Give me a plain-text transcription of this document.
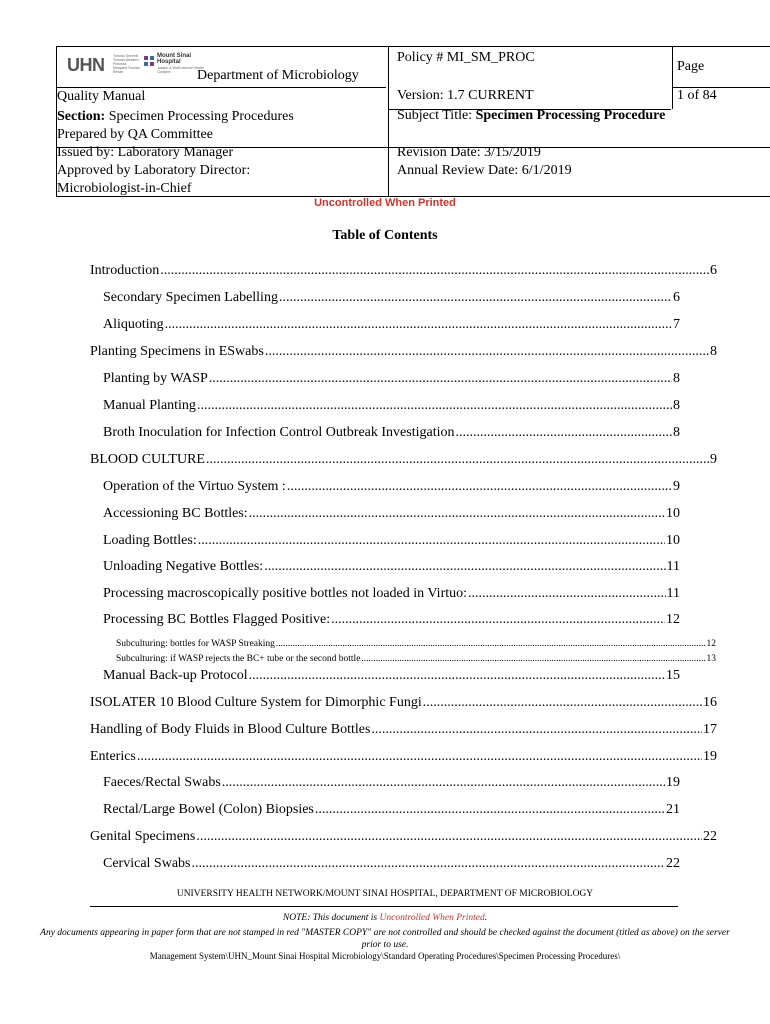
UHN Toronto General Toronto Western Princess Margaret Toronto Rehab
Mount Sinai Hospital
Joseph & Wolf Lebovic Health Complex	Department of Microbiology
Quality Manual
Section: Specimen Processing Procedures
Prepared by QA Committee
Issued by: Laboratory Manager
Approved by Laboratory Director:
Microbiologist-in-Chief
Policy # MI_SM_PROC
Page
Version: 1.7 CURRENT	1 of 84
Subject Title: Specimen Processing Procedure
Revision Date: 3/15/2019
Annual Review Date: 6/1/2019
Uncontrolled When Printed
Table of Contents
Introduction .....	6
Secondary Specimen Labelling .....	6
Aliquoting .....	7
Planting Specimens in ESwabs .....	8
Planting by WASP .....	8
Manual Planting .....	8
Broth Inoculation for Infection Control Outbreak Investigation .....	8
BLOOD CULTURE .....	9
Operation of the Virtuo System : .....	9
Accessioning BC Bottles: .....	10
Loading Bottles: .....	10
Unloading Negative Bottles: .....	11
Processing macroscopically positive bottles not loaded in Virtuo: .....	11
Processing BC Bottles Flagged Positive: .....	12
Subculturing: bottles for WASP Streaking .....	12
Subculturing: if WASP rejects the BC+ tube or the second bottle .....	13
Manual Back-up Protocol .....	15
ISOLATER 10 Blood Culture System for Dimorphic Fungi .....	16
Handling of Body Fluids in Blood Culture Bottles .....	17
Enterics .....	19
Faeces/Rectal Swabs .....	19
Rectal/Large Bowel (Colon) Biopsies .....	21
Genital Specimens .....	22
Cervical Swabs .....	22
UNIVERSITY HEALTH NETWORK/MOUNT SINAI HOSPITAL, DEPARTMENT OF MICROBIOLOGY
NOTE: This document is Uncontrolled When Printed.
Any documents appearing in paper form that are not stamped in red "MASTER COPY" are not controlled and should be checked against the document (titled as above) on the server prior to use.
Management System\UHN_Mount Sinai Hospital Microbiology\Standard Operating Procedures\Specimen Processing Procedures\
